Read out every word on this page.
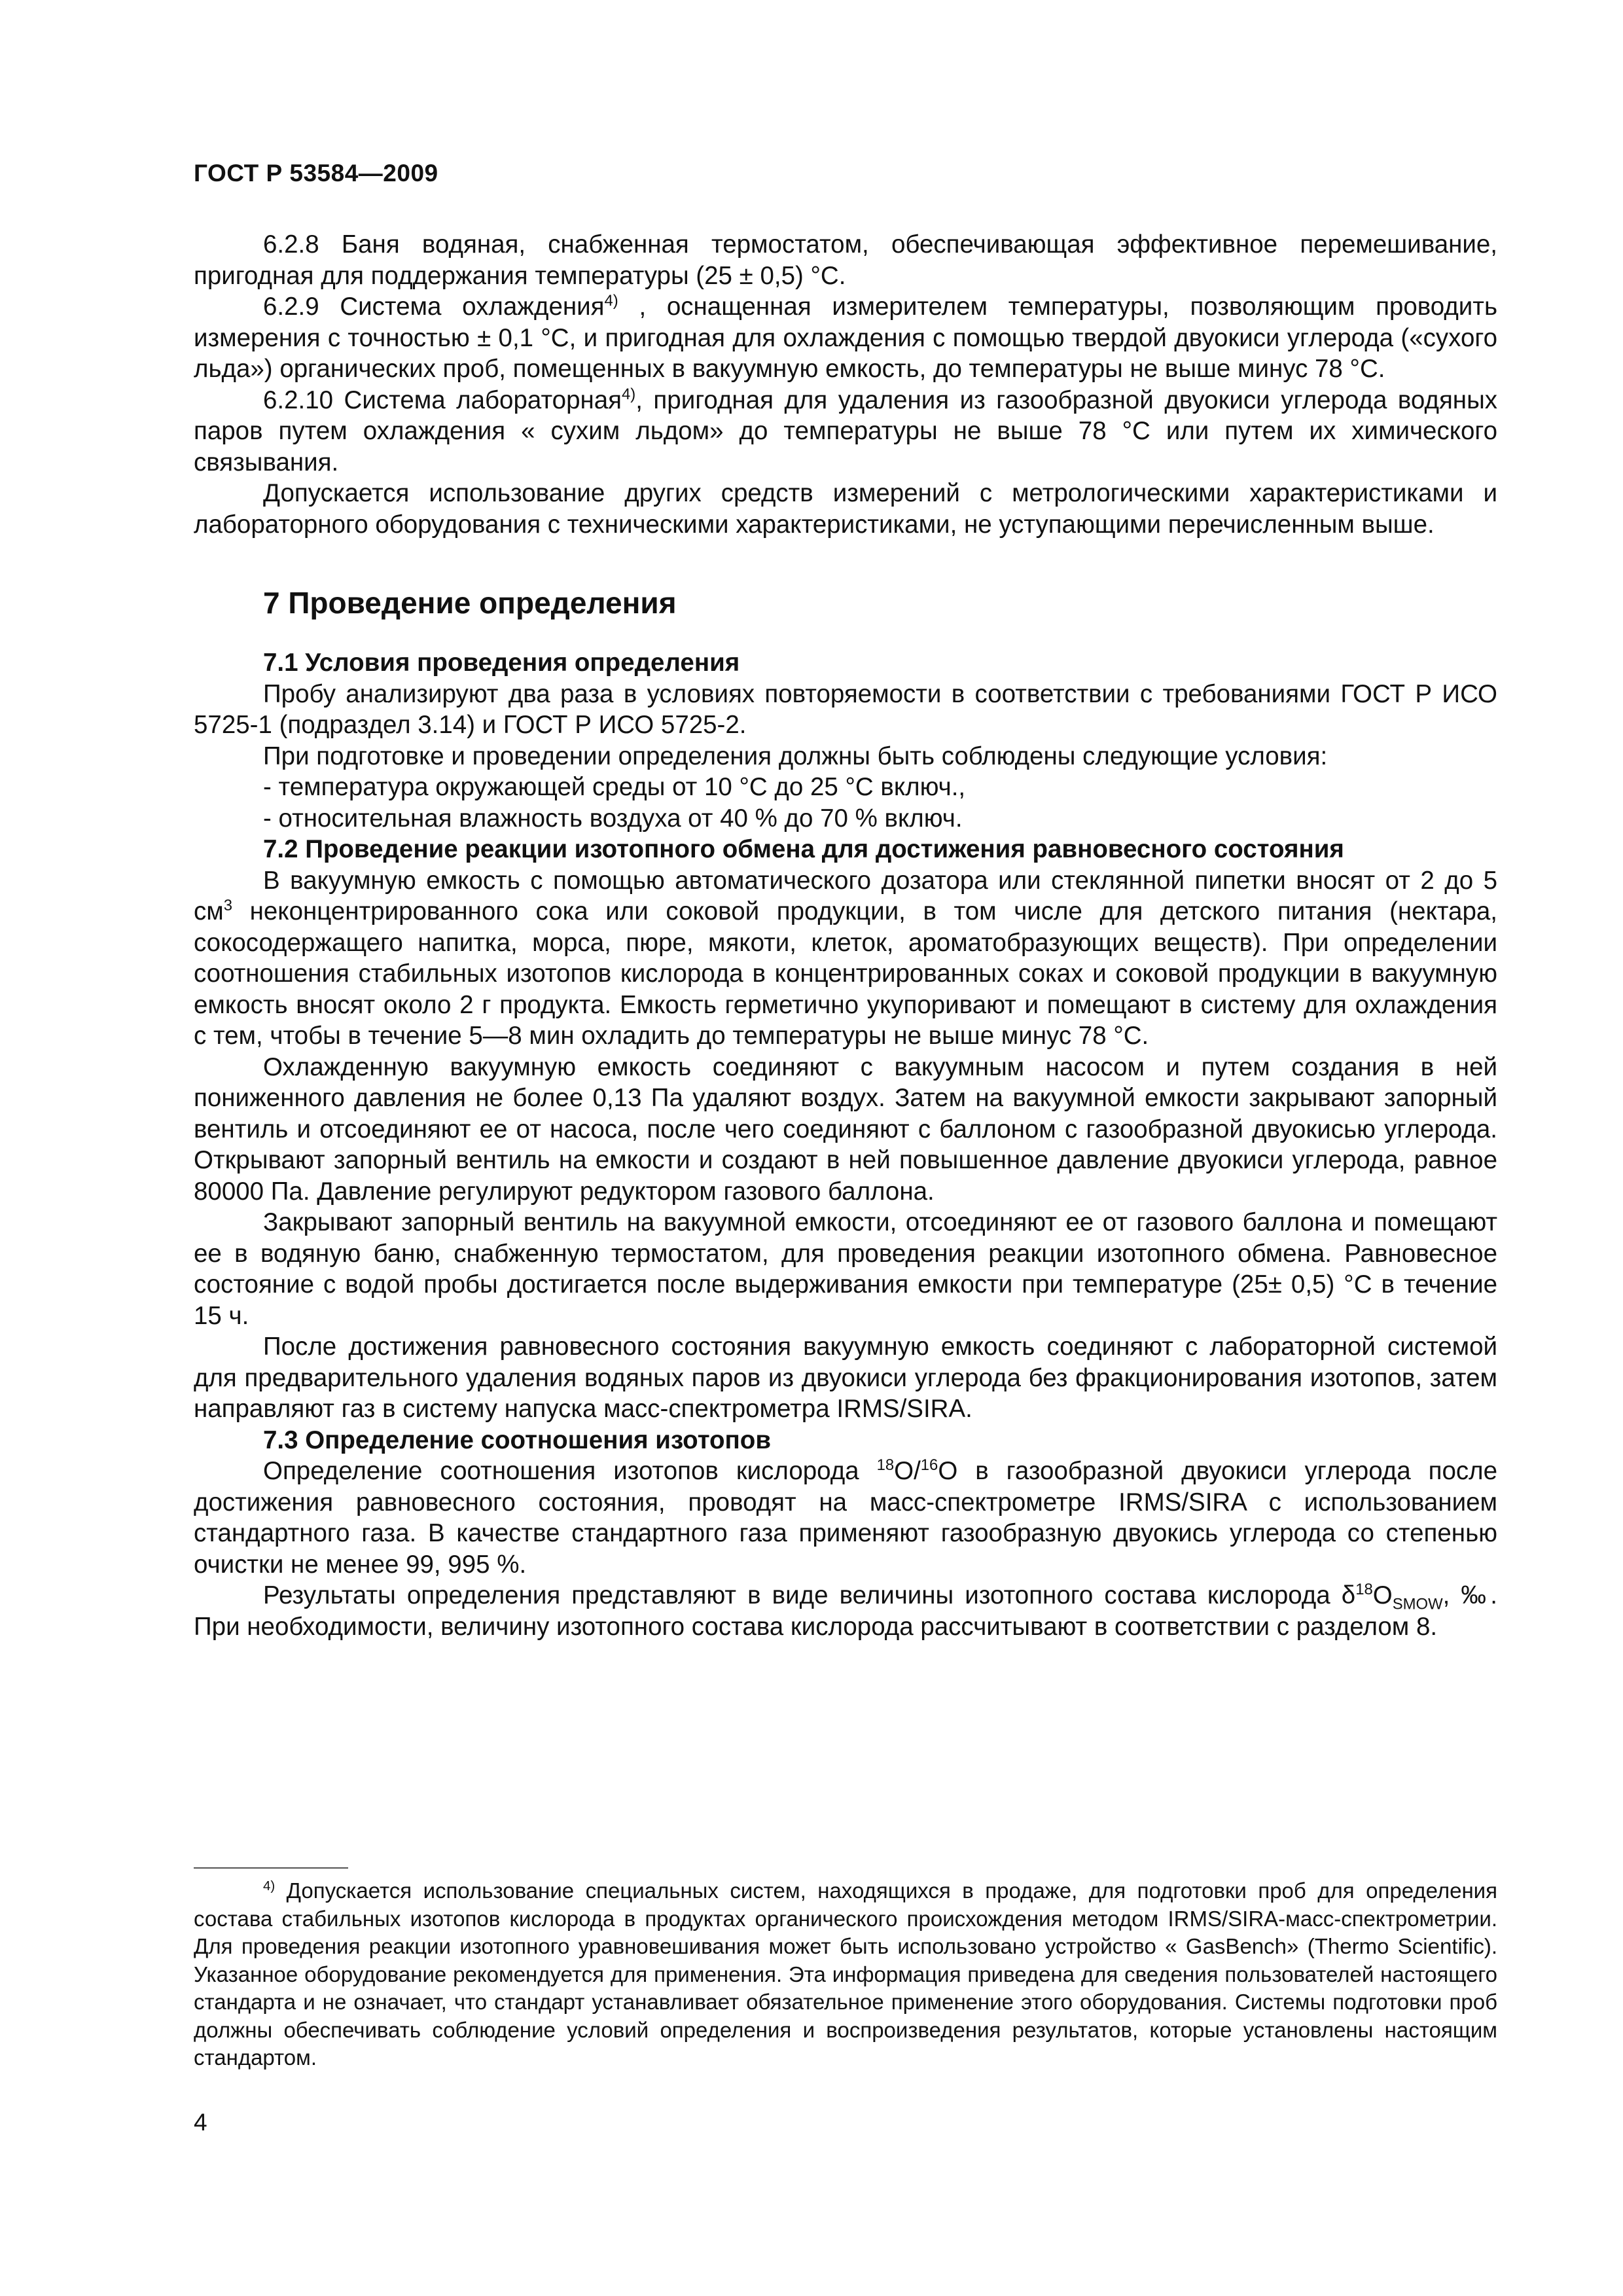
ГОСТ Р 53584—2009

6.2.8 Баня водяная, снабженная термостатом, обеспечивающая эффективное перемешивание, пригодная для поддержания температуры (25 ± 0,5) °С.

6.2.9 Система охлаждения$^{4)}$ , оснащенная измерителем температуры, позволяющим проводить измерения с точностью ± 0,1 °С, и пригодная для охлаждения с помощью твердой двуокиси углерода («сухого льда») органических проб, помещенных в вакуумную емкость, до температуры не выше минус 78 °С.

6.2.10 Система лабораторная$^{4)}$, пригодная для удаления из газообразной двуокиси углерода водяных паров путем охлаждения « сухим льдом» до температуры не выше 78 °С или путем их химического связывания.

Допускается использование других средств измерений с метрологическими характеристиками и лабораторного оборудования с техническими характеристиками, не уступающими перечисленным выше.

7 Проведение определения

7.1 Условия проведения определения

Пробу анализируют два раза в условиях повторяемости в соответствии с требованиями ГОСТ Р ИСО 5725-1 (подраздел 3.14) и ГОСТ Р ИСО 5725-2.

При подготовке и проведении определения должны быть соблюдены следующие условия:

- температура окружающей среды от 10 °С до 25 °С включ.,

- относительная влажность воздуха от 40 % до 70 % включ.

7.2 Проведение реакции изотопного обмена для достижения равновесного состояния

В вакуумную емкость с помощью автоматического дозатора или стеклянной пипетки вносят от 2 до 5 $см^3$ неконцентрированного сока или соковой продукции, в том числе для детского питания (нектара, сокосодержащего напитка, морса, пюре, мякоти, клеток, ароматобразующих веществ). При определении соотношения стабильных изотопов кислорода в концентрированных соках и соковой продукции в вакуумную емкость вносят около 2 г продукта. Емкость герметично укупоривают и помещают в систему для охлаждения с тем, чтобы в течение 5—8 мин охладить до температуры не выше минус 78 °С.

Охлажденную вакуумную емкость соединяют с вакуумным насосом и путем создания в ней пониженного давления не более 0,13 Па удаляют воздух. Затем на вакуумной емкости закрывают запорный вентиль и отсоединяют ее от насоса, после чего соединяют с баллоном с газообразной двуокисью углерода. Открывают запорный вентиль на емкости и создают в ней повышенное давление двуокиси углерода, равное 80000 Па. Давление регулируют редуктором газового баллона.

Закрывают запорный вентиль на вакуумной емкости, отсоединяют ее от газового баллона и помещают ее в водяную баню, снабженную термостатом, для проведения реакции изотопного обмена. Равновесное состояние с водой пробы достигается после выдерживания емкости при температуре (25± 0,5) °С в течение 15 ч.

После достижения равновесного состояния вакуумную емкость соединяют с лабораторной системой для предварительного удаления водяных паров из двуокиси углерода без фракционирования изотопов, затем направляют газ в систему напуска масс-спектрометра IRMS/SIRA.

7.3 Определение соотношения изотопов

Определение соотношения изотопов кислорода $^{18}$O/$^{16}$O в газообразной двуокиси углерода после достижения равновесного состояния, проводят на масс-спектрометре IRMS/SIRA с использованием стандартного газа. В качестве стандартного газа применяют газообразную двуокись углерода со степенью очистки не менее 99, 995 %.

Результаты определения представляют в виде величины изотопного состава кислорода $\delta^{18}O_{SMOW}$, ‰. При необходимости, величину изотопного состава кислорода рассчитывают в соответствии с разделом 8.

$^{4)}$ Допускается использование специальных систем, находящихся в продаже, для подготовки проб для определения состава стабильных изотопов кислорода в продуктах органического происхождения методом IRMS/SIRA-масс-спектрометрии. Для проведения реакции изотопного уравновешивания может быть использовано устройство « GasBench» (Thermo Scientific). Указанное оборудование рекомендуется для применения. Эта информация приведена для сведения пользователей настоящего стандарта и не означает, что стандарт устанавливает обязательное применение этого оборудования. Системы подготовки проб должны обеспечивать соблюдение условий определения и воспроизведения результатов, которые установлены настоящим стандартом.
4
